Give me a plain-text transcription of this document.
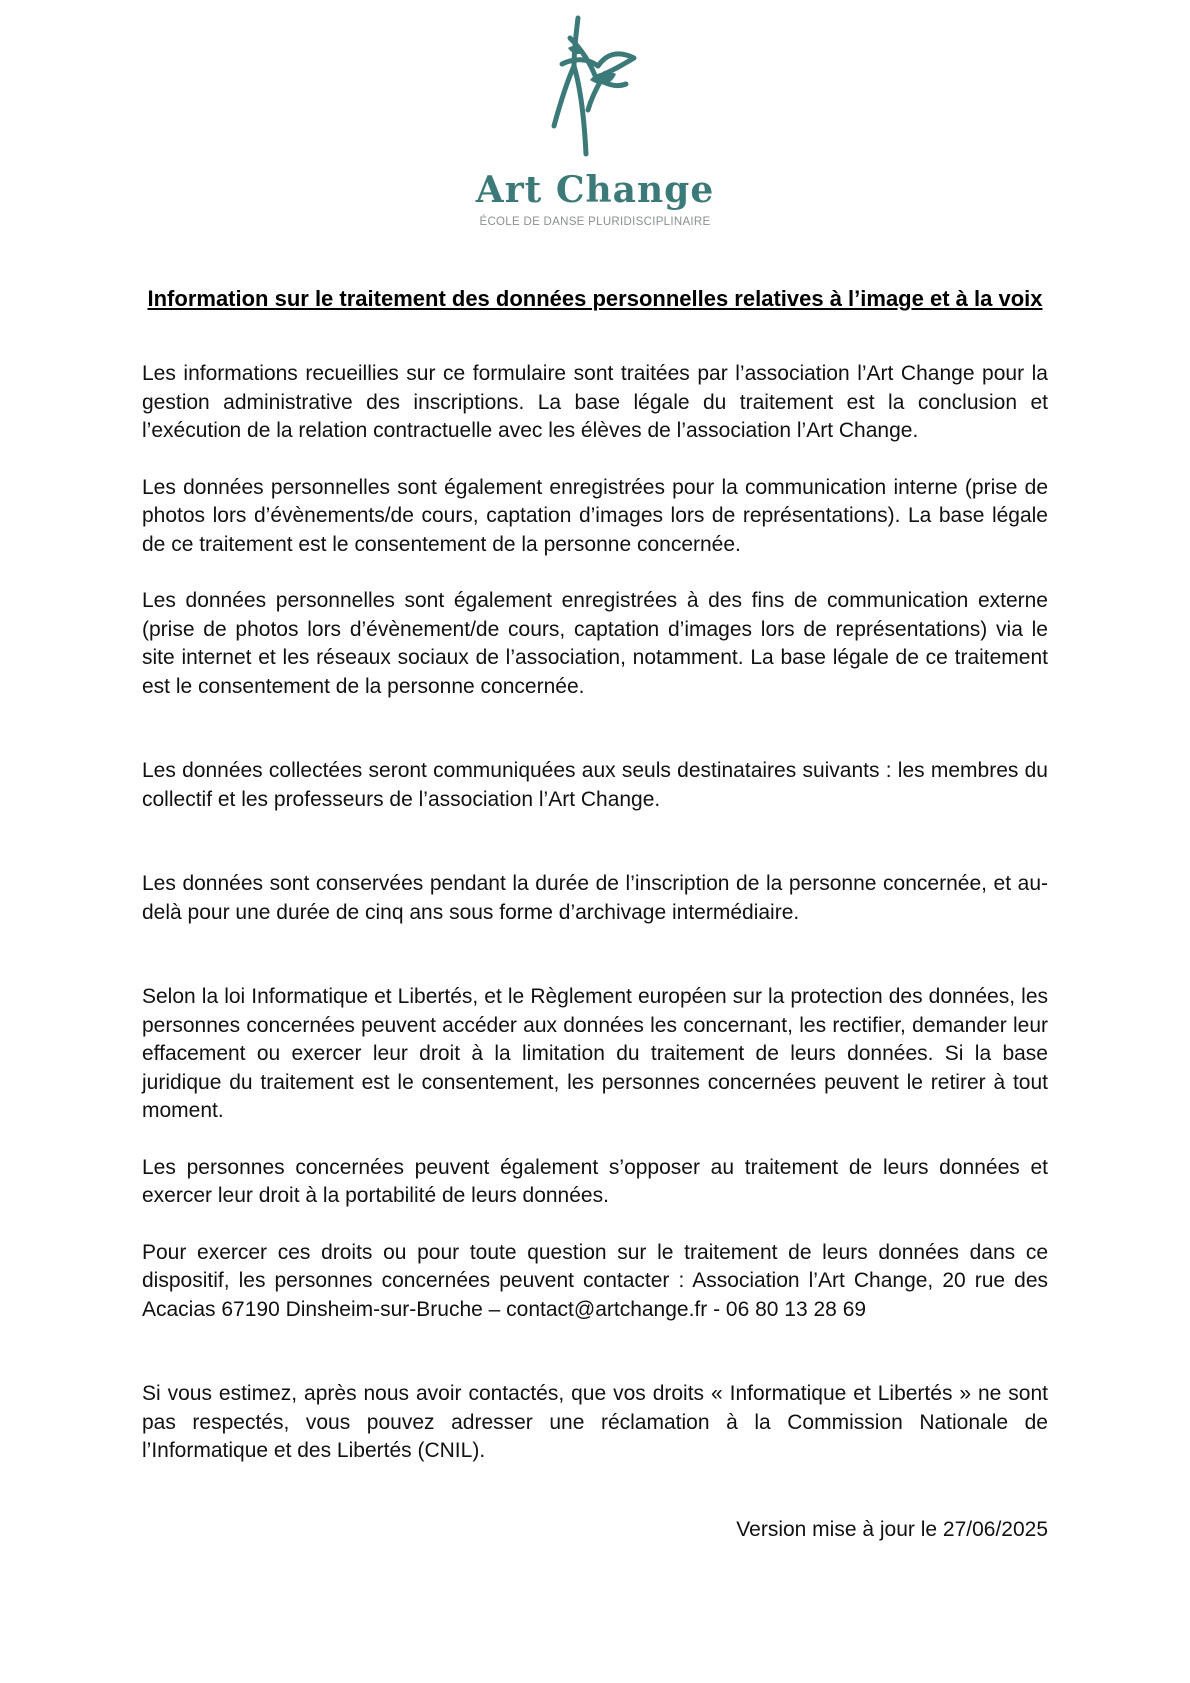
Art Change
ÉCOLE DE DANSE PLURIDISCIPLINAIRE
Information sur le traitement des données personnelles relatives à l’image et à la voix

Les informations recueillies sur ce formulaire sont traitées par l’association l’Art Change pour la gestion administrative des inscriptions. La base légale du traitement est la conclusion et l’exécution de la relation contractuelle avec les élèves de l’association l’Art Change.

Les données personnelles sont également enregistrées pour la communication interne (prise de photos lors d’évènements/de cours, captation d’images lors de représentations). La base légale de ce traitement est le consentement de la personne concernée.

Les données personnelles sont également enregistrées à des fins de communication externe (prise de photos lors d’évènement/de cours, captation d’images lors de représentations) via le site internet et les réseaux sociaux de l’association, notamment. La base légale de ce traitement est le consentement de la personne concernée.

Les données collectées seront communiquées aux seuls destinataires suivants : les membres du collectif et les professeurs de l’association l’Art Change.

Les données sont conservées pendant la durée de l’inscription de la personne concernée, et au-delà pour une durée de cinq ans sous forme d’archivage intermédiaire.

Selon la loi Informatique et Libertés, et le Règlement européen sur la protection des données, les personnes concernées peuvent accéder aux données les concernant, les rectifier, demander leur effacement ou exercer leur droit à la limitation du traitement de leurs données. Si la base juridique du traitement est le consentement, les personnes concernées peuvent le retirer à tout moment.

Les personnes concernées peuvent également s’opposer au traitement de leurs données et exercer leur droit à la portabilité de leurs données.

Pour exercer ces droits ou pour toute question sur le traitement de leurs données dans ce dispositif, les personnes concernées peuvent contacter : Association l’Art Change, 20 rue des Acacias 67190 Dinsheim-sur-Bruche – contact@artchange.fr - 06 80 13 28 69

Si vous estimez, après nous avoir contactés, que vos droits « Informatique et Libertés » ne sont pas respectés, vous pouvez adresser une réclamation à la Commission Nationale de l’Informatique et des Libertés (CNIL).

Version mise à jour le 27/06/2025
